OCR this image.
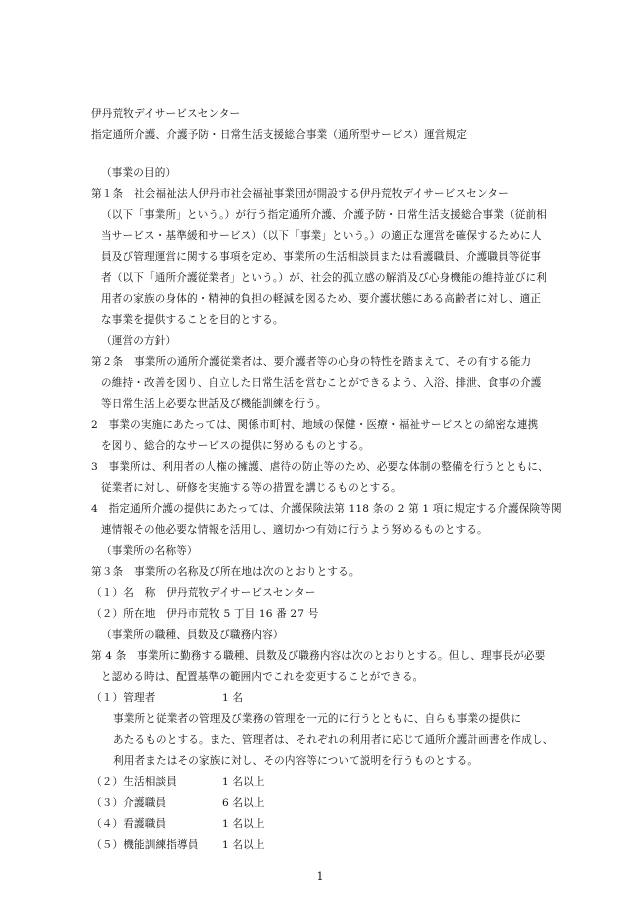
伊丹荒牧デイサービスセンター
指定通所介護、介護予防・日常生活支援総合事業（通所型サービス）運営規定
（事業の目的）
第１条　社会福祉法人伊丹市社会福祉事業団が開設する伊丹荒牧デイサービスセンター
（以下「事業所」という。）が行う指定通所介護、介護予防・日常生活支援総合事業（従前相
当サービス・基準緩和サービス）（以下「事業」という。）の適正な運営を確保するために人
員及び管理運営に関する事項を定め、事業所の生活相談員または看護職員、介護職員等従事
者（以下「通所介護従業者」という。）が、社会的孤立感の解消及び心身機能の維持並びに利
用者の家族の身体的・精神的負担の軽減を図るため、要介護状態にある高齢者に対し、適正
な事業を提供することを目的とする。
（運営の方針）
第２条　事業所の通所介護従業者は、要介護者等の心身の特性を踏まえて、その有する能力
の維持・改善を図り、自立した日常生活を営むことができるよう、入浴、排泄、食事の介護
等日常生活上必要な世話及び機能訓練を行う。
2　事業の実施にあたっては、関係市町村、地域の保健・医療・福祉サービスとの綿密な連携
を図り、総合的なサービスの提供に努めるものとする。
3　事業所は、利用者の人権の擁護、虐待の防止等のため、必要な体制の整備を行うとともに、
従業者に対し、研修を実施する等の措置を講じるものとする。
4　指定通所介護の提供にあたっては、介護保険法第 118 条の 2 第 1 項に規定する介護保険等関
連情報その他必要な情報を活用し、適切かつ有効に行うよう努めるものとする。
（事業所の名称等）
第３条　事業所の名称及び所在地は次のとおりとする。
（１）名　称　伊丹荒牧デイサービスセンター
（２）所在地　伊丹市荒牧 5 丁目 16 番 27 号
（事業所の職種、員数及び職務内容）
第 4 条　事業所に勤務する職種、員数及び職務内容は次のとおりとする。但し、理事長が必要
と認める時は、配置基準の範囲内でこれを変更することができる。
（１）管理者	1 名
事業所と従業者の管理及び業務の管理を一元的に行うとともに、自らも事業の提供に
あたるものとする。また、管理者は、それぞれの利用者に応じて通所介護計画書を作成し、
利用者またはその家族に対し、その内容等について説明を行うものとする。
（２）生活相談員	1 名以上
（３）介護職員	6 名以上
（４）看護職員	1 名以上
（５）機能訓練指導員 1 名以上
1
